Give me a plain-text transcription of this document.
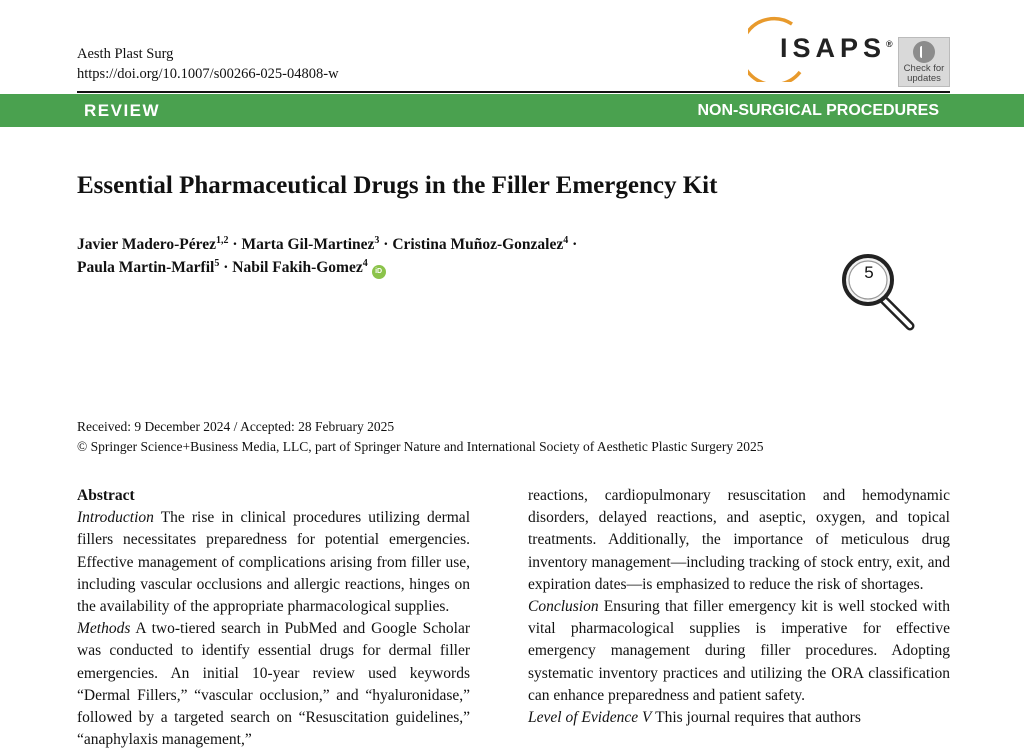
Aesth Plast Surg
https://doi.org/10.1007/s00266-025-04808-w
ISAPS®
Check for
updates
REVIEW	NON-SURGICAL PROCEDURES
Essential Pharmaceutical Drugs in the Filler Emergency Kit
Javier Madero-Pérez$^{1,2}$ · Marta Gil-Martinez$^3$ · Cristina Muñoz-Gonzalez$^4$ ·
Paula Martin-Marfil$^5$ · Nabil Fakih-Gomez$^4$ iD	5
Received: 9 December 2024 / Accepted: 28 February 2025
© Springer Science+Business Media, LLC, part of Springer Nature and International Society of Aesthetic Plastic Surgery 2025

Abstract

Introduction The rise in clinical procedures utilizing dermal fillers necessitates preparedness for potential emergencies. Effective management of complications arising from filler use, including vascular occlusions and allergic reactions, hinges on the availability of the appropriate pharmacological supplies.

Methods A two-tiered search in PubMed and Google Scholar was conducted to identify essential drugs for dermal filler emergencies. An initial 10-year review used keywords “Dermal Fillers,” “vascular occlusion,” and “hyaluronidase,” followed by a targeted search on “Resuscitation guidelines,” “anaphylaxis management,”

reactions, cardiopulmonary resuscitation and hemodynamic disorders, delayed reactions, and aseptic, oxygen, and topical treatments. Additionally, the importance of meticulous drug inventory management—including tracking of stock entry, exit, and expiration dates—is emphasized to reduce the risk of shortages.

Conclusion Ensuring that filler emergency kit is well stocked with vital pharmacological supplies is imperative for effective emergency management during filler procedures. Adopting systematic inventory practices and utilizing the ORA classification can enhance preparedness and patient safety.

Level of Evidence V This journal requires that authors
